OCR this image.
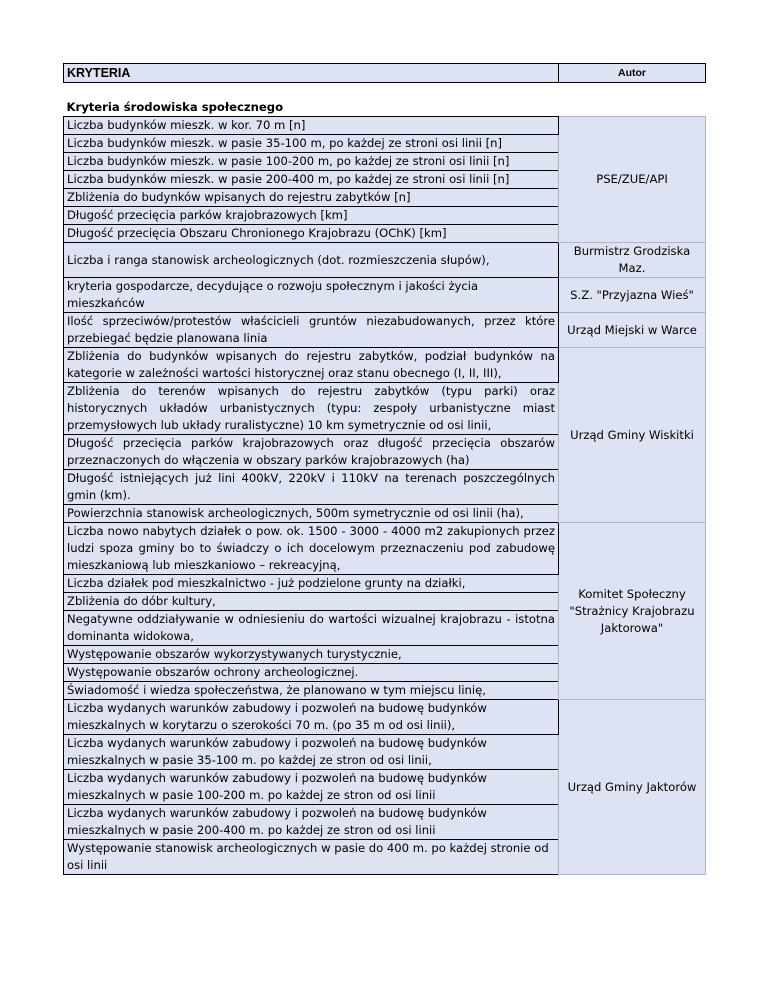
KRYTERIA	Autor
Kryteria środowiska społecznego	
Liczba budynków mieszk. w kor. 70 m [n]	PSE/ZUE/API
Liczba budynków mieszk. w pasie 35-100 m, po każdej ze stroni osi linii [n]	
Liczba budynków mieszk. w pasie 100-200 m, po każdej ze stroni osi linii [n]	
Liczba budynków mieszk. w pasie 200-400 m, po każdej ze stroni osi linii [n]	
Zbliżenia do budynków wpisanych do rejestru zabytków [n]	
Długość przecięcia parków krajobrazowych [km]	
Długość przecięcia Obszaru Chronionego Krajobrazu (OChK) [km]	
Liczba i ranga stanowisk archeologicznych (dot. rozmieszczenia słupów),	Burmistrz Grodziska Maz.
kryteria gospodarcze, decydujące o rozwoju społecznym i jakości życia mieszkańców	S.Z. "Przyjazna Wieś"
Ilość sprzeciwów/protestów właścicieli gruntów niezabudowanych, przez które przebiegać będzie planowana linia	Urząd Miejski w Warce
Zbliżenia do budynków wpisanych do rejestru zabytków, podział budynków na kategorie w zależności wartości historycznej oraz stanu obecnego (I, II, III),	Urząd Gminy Wiskitki
Zbliżenia do terenów wpisanych do rejestru zabytków (typu parki) oraz historycznych układów urbanistycznych (typu: zespoły urbanistyczne miast przemysłowych lub układy ruralistyczne) 10 km symetrycznie od osi linii,	
Długość przecięcia parków krajobrazowych oraz długość przecięcia obszarów przeznaczonych do włączenia w obszary parków krajobrazowych (ha)	
Długość istniejących już lini 400kV, 220kV i 110kV na terenach poszczególnych gmin (km).	
Powierzchnia stanowisk archeologicznych, 500m symetrycznie od osi linii (ha),	
Liczba nowo nabytych działek o pow. ok. 1500 - 3000 - 4000 m2 zakupionych przez ludzi spoza gminy bo to świadczy o ich docelowym przeznaczeniu pod zabudowę mieszkaniową lub mieszkaniowo – rekreacyjną,	Komitet Społeczny "Strażnicy Krajobrazu Jaktorowa"
Liczba działek pod mieszkalnictwo - już podzielone grunty na działki,	
Zbliżenia do dóbr kultury,	
Negatywne oddziaływanie w odniesieniu do wartości wizualnej krajobrazu - istotna dominanta widokowa,	
Występowanie obszarów wykorzystywanych turystycznie,	
Występowanie obszarów ochrony archeologicznej.	
Świadomość i wiedza społeczeństwa, że planowano w tym miejscu linię,	
Liczba wydanych warunków zabudowy i pozwoleń na budowę budynków mieszkalnych w korytarzu o szerokości 70 m. (po 35 m od osi linii),	Urząd Gminy Jaktorów
Liczba wydanych warunków zabudowy i pozwoleń na budowę budynków mieszkalnych w pasie 35-100 m. po każdej ze stron od osi linii,	
Liczba wydanych warunków zabudowy i pozwoleń na budowę budynków mieszkalnych w pasie 100-200 m. po każdej ze stron od osi linii	
Liczba wydanych warunków zabudowy i pozwoleń na budowę budynków mieszkalnych w pasie 200-400 m. po każdej ze stron od osi linii	
Występowanie stanowisk archeologicznych w pasie do 400 m. po każdej stronie od osi linii	
